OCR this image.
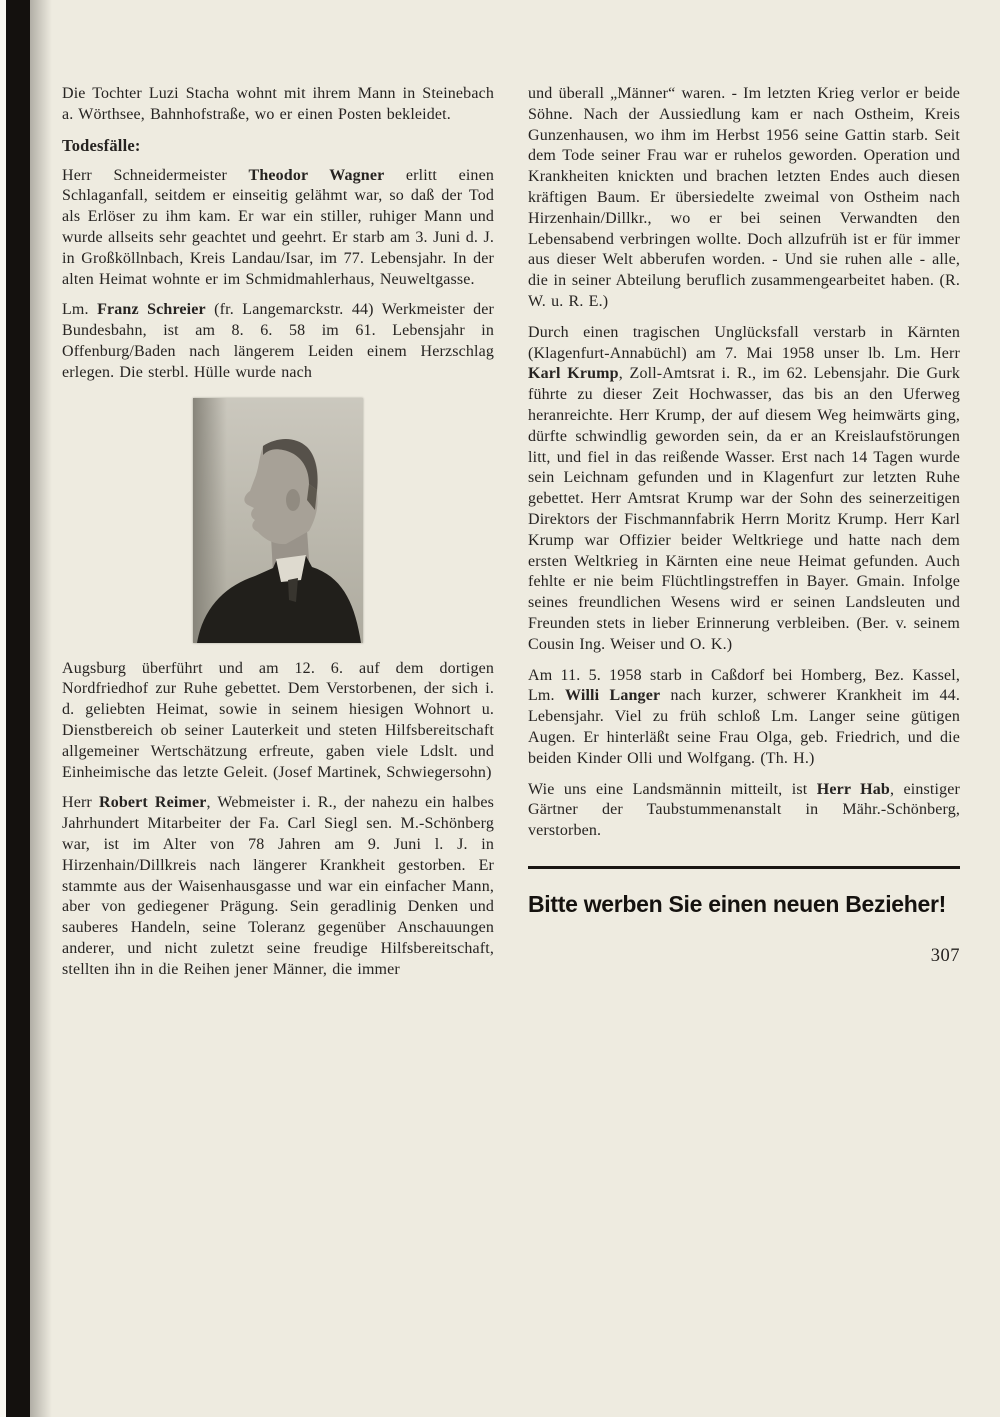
Die Tochter Luzi Stacha wohnt mit ihrem Mann in Steinebach a. Wörthsee, Bahnhofstraße, wo er einen Posten bekleidet.

Todesfälle:

Herr Schneidermeister Theodor Wagner erlitt einen Schlaganfall, seitdem er einseitig gelähmt war, so daß der Tod als Erlöser zu ihm kam. Er war ein stiller, ruhiger Mann und wurde allseits sehr geachtet und geehrt. Er starb am 3. Juni d. J. in Großköllnbach, Kreis Landau/Isar, im 77. Lebensjahr. In der alten Heimat wohnte er im Schmidmahlerhaus, Neuweltgasse.

Lm. Franz Schreier (fr. Langemarckstr. 44) Werkmeister der Bundesbahn, ist am 8. 6. 58 im 61. Lebensjahr in Offenburg/Baden nach längerem Leiden einem Herzschlag erlegen. Die sterbl. Hülle wurde nach

Augsburg überführt und am 12. 6. auf dem dortigen Nordfriedhof zur Ruhe gebettet. Dem Verstorbenen, der sich i. d. geliebten Heimat, sowie in seinem hiesigen Wohnort u. Dienstbereich ob seiner Lauterkeit und steten Hilfsbereitschaft allgemeiner Wertschätzung erfreute, gaben viele Ldslt. und Einheimische das letzte Geleit. (Josef Martinek, Schwiegersohn)

Herr Robert Reimer, Webmeister i. R., der nahezu ein halbes Jahrhundert Mitarbeiter der Fa. Carl Siegl sen. M.-Schönberg war, ist im Alter von 78 Jahren am 9. Juni l. J. in Hirzenhain/Dillkreis nach längerer Krankheit gestorben. Er stammte aus der Waisenhausgasse und war ein einfacher Mann, aber von gediegener Prägung. Sein geradlinig Denken und sauberes Handeln, seine Toleranz gegenüber Anschauungen anderer, und nicht zuletzt seine freudige Hilfsbereitschaft, stellten ihn in die Reihen jener Männer, die immer

und überall „Männer“ waren. - Im letzten Krieg verlor er beide Söhne. Nach der Aussiedlung kam er nach Ostheim, Kreis Gunzenhausen, wo ihm im Herbst 1956 seine Gattin starb. Seit dem Tode seiner Frau war er ruhelos geworden. Operation und Krankheiten knickten und brachen letzten Endes auch diesen kräftigen Baum. Er übersiedelte zweimal von Ostheim nach Hirzenhain/Dillkr., wo er bei seinen Verwandten den Lebensabend verbringen wollte. Doch allzufrüh ist er für immer aus dieser Welt abberufen worden. - Und sie ruhen alle - alle, die in seiner Abteilung beruflich zusammengearbeitet haben. (R. W. u. R. E.)

Durch einen tragischen Unglücksfall verstarb in Kärnten (Klagenfurt-Annabüchl) am 7. Mai 1958 unser lb. Lm. Herr Karl Krump, Zoll-Amtsrat i. R., im 62. Lebensjahr. Die Gurk führte zu dieser Zeit Hochwasser, das bis an den Uferweg heranreichte. Herr Krump, der auf diesem Weg heimwärts ging, dürfte schwindlig geworden sein, da er an Kreislaufstörungen litt, und fiel in das reißende Wasser. Erst nach 14 Tagen wurde sein Leichnam gefunden und in Klagenfurt zur letzten Ruhe gebettet. Herr Amtsrat Krump war der Sohn des seinerzeitigen Direktors der Fischmannfabrik Herrn Moritz Krump. Herr Karl Krump war Offizier beider Weltkriege und hatte nach dem ersten Weltkrieg in Kärnten eine neue Heimat gefunden. Auch fehlte er nie beim Flüchtlingstreffen in Bayer. Gmain. Infolge seines freundlichen Wesens wird er seinen Landsleuten und Freunden stets in lieber Erinnerung verbleiben. (Ber. v. seinem Cousin Ing. Weiser und O. K.)

Am 11. 5. 1958 starb in Caßdorf bei Homberg, Bez. Kassel, Lm. Willi Langer nach kurzer, schwerer Krankheit im 44. Lebensjahr. Viel zu früh schloß Lm. Langer seine gütigen Augen. Er hinterläßt seine Frau Olga, geb. Friedrich, und die beiden Kinder Olli und Wolfgang. (Th. H.)

Wie uns eine Landsmännin mitteilt, ist Herr Hab, einstiger Gärtner der Taubstummenanstalt in Mähr.-Schönberg, verstorben.

Bitte werben Sie einen neuen Bezieher!
307
